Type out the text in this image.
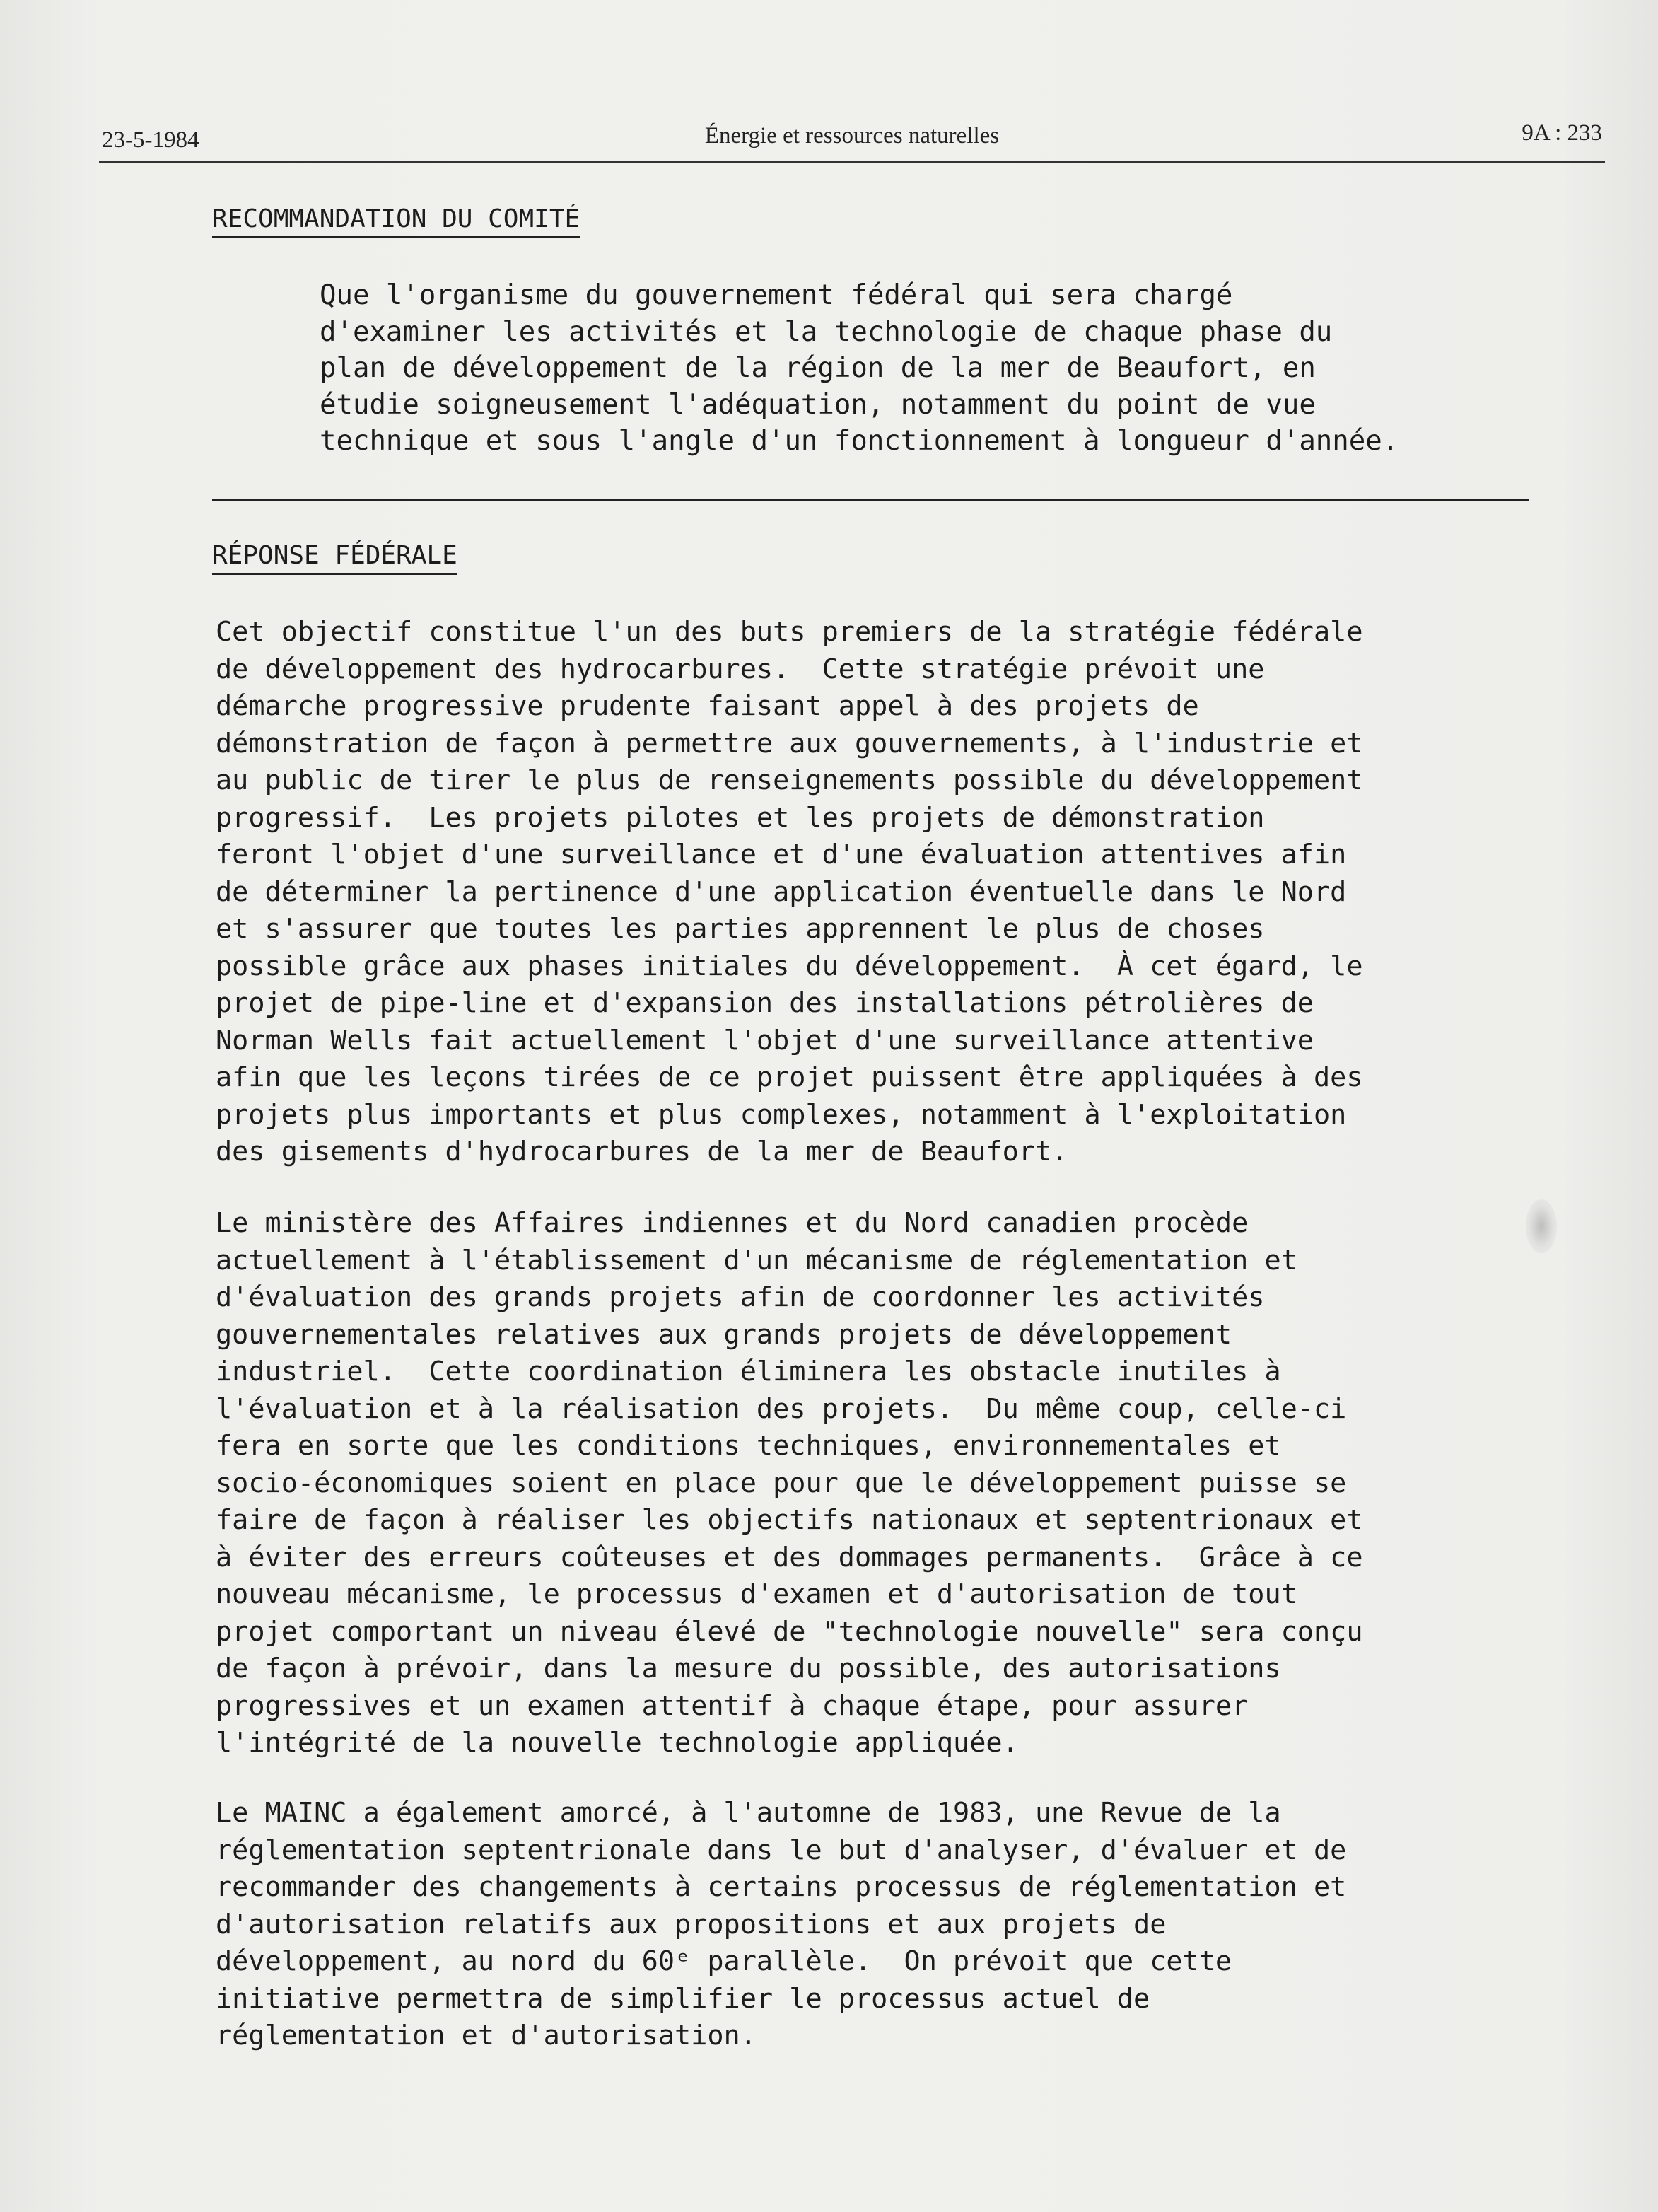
23-5-1984	Énergie et ressources naturelles	9A : 233
RECOMMANDATION DU COMITÉ
Que l'organisme du gouvernement fédéral qui sera chargé
d'examiner les activités et la technologie de chaque phase du
plan de développement de la région de la mer de Beaufort, en
étudie soigneusement l'adéquation, notamment du point de vue
technique et sous l'angle d'un fonctionnement à longueur d'année.
RÉPONSE FÉDÉRALE
Cet objectif constitue l'un des buts premiers de la stratégie fédérale
de développement des hydrocarbures.  Cette stratégie prévoit une
démarche progressive prudente faisant appel à des projets de
démonstration de façon à permettre aux gouvernements, à l'industrie et
au public de tirer le plus de renseignements possible du développement
progressif.  Les projets pilotes et les projets de démonstration
feront l'objet d'une surveillance et d'une évaluation attentives afin
de déterminer la pertinence d'une application éventuelle dans le Nord
et s'assurer que toutes les parties apprennent le plus de choses
possible grâce aux phases initiales du développement.  À cet égard, le
projet de pipe-line et d'expansion des installations pétrolières de
Norman Wells fait actuellement l'objet d'une surveillance attentive
afin que les leçons tirées de ce projet puissent être appliquées à des
projets plus importants et plus complexes, notamment à l'exploitation
des gisements d'hydrocarbures de la mer de Beaufort.
Le ministère des Affaires indiennes et du Nord canadien procède
actuellement à l'établissement d'un mécanisme de réglementation et
d'évaluation des grands projets afin de coordonner les activités
gouvernementales relatives aux grands projets de développement
industriel.  Cette coordination éliminera les obstacle inutiles à
l'évaluation et à la réalisation des projets.  Du même coup, celle-ci
fera en sorte que les conditions techniques, environnementales et
socio-économiques soient en place pour que le développement puisse se
faire de façon à réaliser les objectifs nationaux et septentrionaux et
à éviter des erreurs coûteuses et des dommages permanents.  Grâce à ce
nouveau mécanisme, le processus d'examen et d'autorisation de tout
projet comportant un niveau élevé de "technologie nouvelle" sera conçu
de façon à prévoir, dans la mesure du possible, des autorisations
progressives et un examen attentif à chaque étape, pour assurer
l'intégrité de la nouvelle technologie appliquée.
Le MAINC a également amorcé, à l'automne de 1983, une Revue de la
réglementation septentrionale dans le but d'analyser, d'évaluer et de
recommander des changements à certains processus de réglementation et
d'autorisation relatifs aux propositions et aux projets de
développement, au nord du 60ᵉ parallèle.  On prévoit que cette
initiative permettra de simplifier le processus actuel de
réglementation et d'autorisation.
